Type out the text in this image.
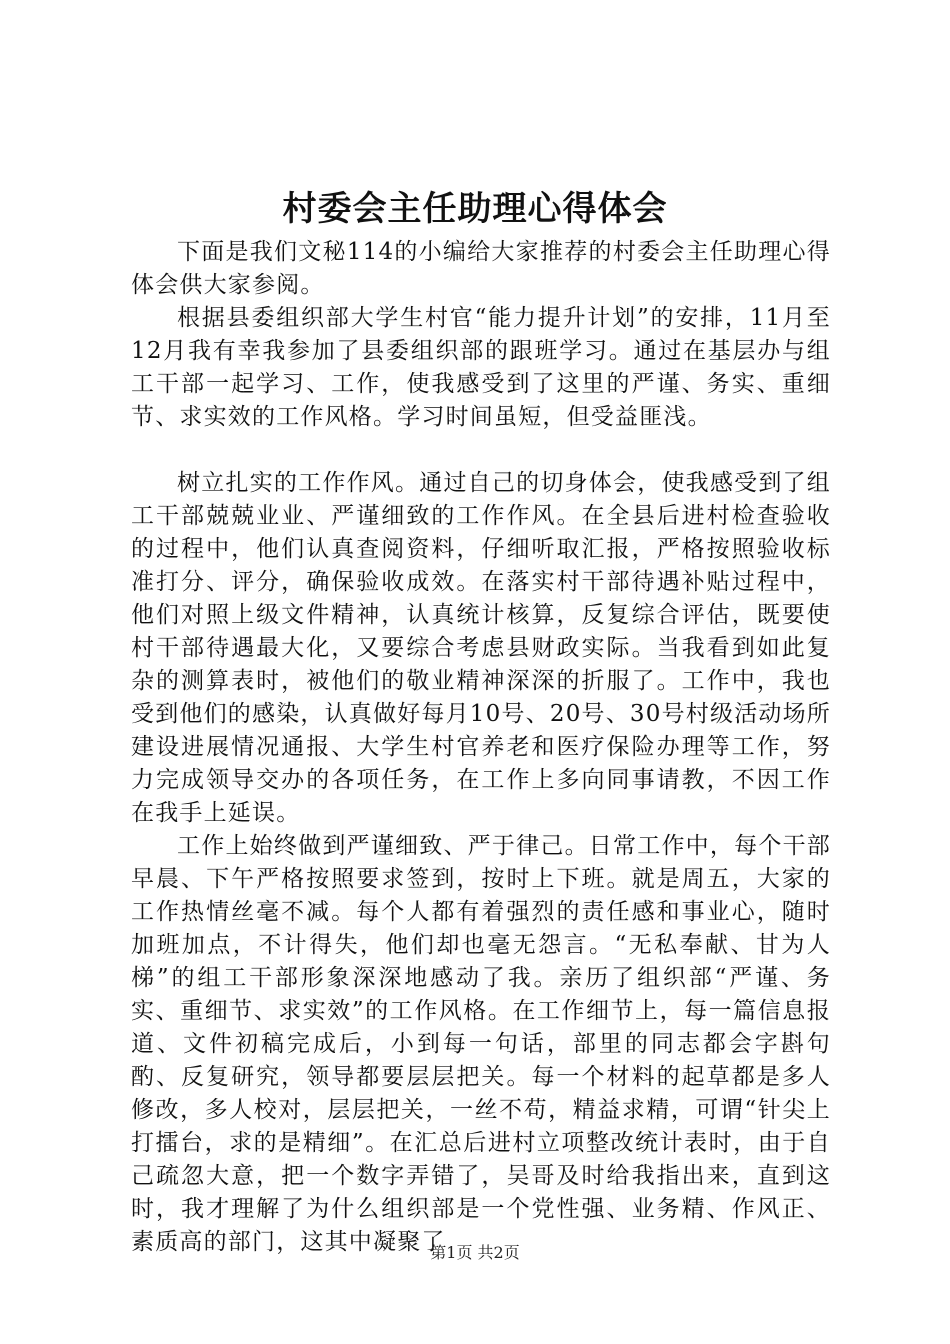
村委会主任助理心得体会

下面是我们文秘114的小编给大家推荐的村委会主任助理心得体会供大家参阅。

根据县委组织部大学生村官“能力提升计划”的安排，11月至12月我有幸我参加了县委组织部的跟班学习。通过在基层办与组工干部一起学习、工作，使我感受到了这里的严谨、务实、重细节、求实效的工作风格。学习时间虽短，但受益匪浅。

树立扎实的工作作风。通过自己的切身体会，使我感受到了组工干部兢兢业业、严谨细致的工作作风。在全县后进村检查验收的过程中，他们认真查阅资料，仔细听取汇报，严格按照验收标准打分、评分，确保验收成效。在落实村干部待遇补贴过程中，他们对照上级文件精神，认真统计核算，反复综合评估，既要使村干部待遇最大化，又要综合考虑县财政实际。当我看到如此复杂的测算表时，被他们的敬业精神深深的折服了。工作中，我也受到他们的感染，认真做好每月10号、20号、30号村级活动场所建设进展情况通报、大学生村官养老和医疗保险办理等工作，努力完成领导交办的各项任务，在工作上多向同事请教，不因工作在我手上延误。

工作上始终做到严谨细致、严于律己。日常工作中，每个干部早晨、下午严格按照要求签到，按时上下班。就是周五，大家的工作热情丝毫不减。每个人都有着强烈的责任感和事业心，随时加班加点，不计得失，他们却也毫无怨言。“无私奉献、甘为人梯”的组工干部形象深深地感动了我。亲历了组织部“严谨、务实、重细节、求实效”的工作风格。在工作细节上，每一篇信息报道、文件初稿完成后，小到每一句话，部里的同志都会字斟句酌、反复研究，领导都要层层把关。每一个材料的起草都是多人修改，多人校对，层层把关，一丝不苟，精益求精，可谓“针尖上打擂台，求的是精细”。在汇总后进村立项整改统计表时，由于自己疏忽大意，把一个数字弄错了，吴哥及时给我指出来，直到这时，我才理解了为什么组织部是一个党性强、业务精、作风正、素质高的部门，这其中凝聚了

第1页 共2页
